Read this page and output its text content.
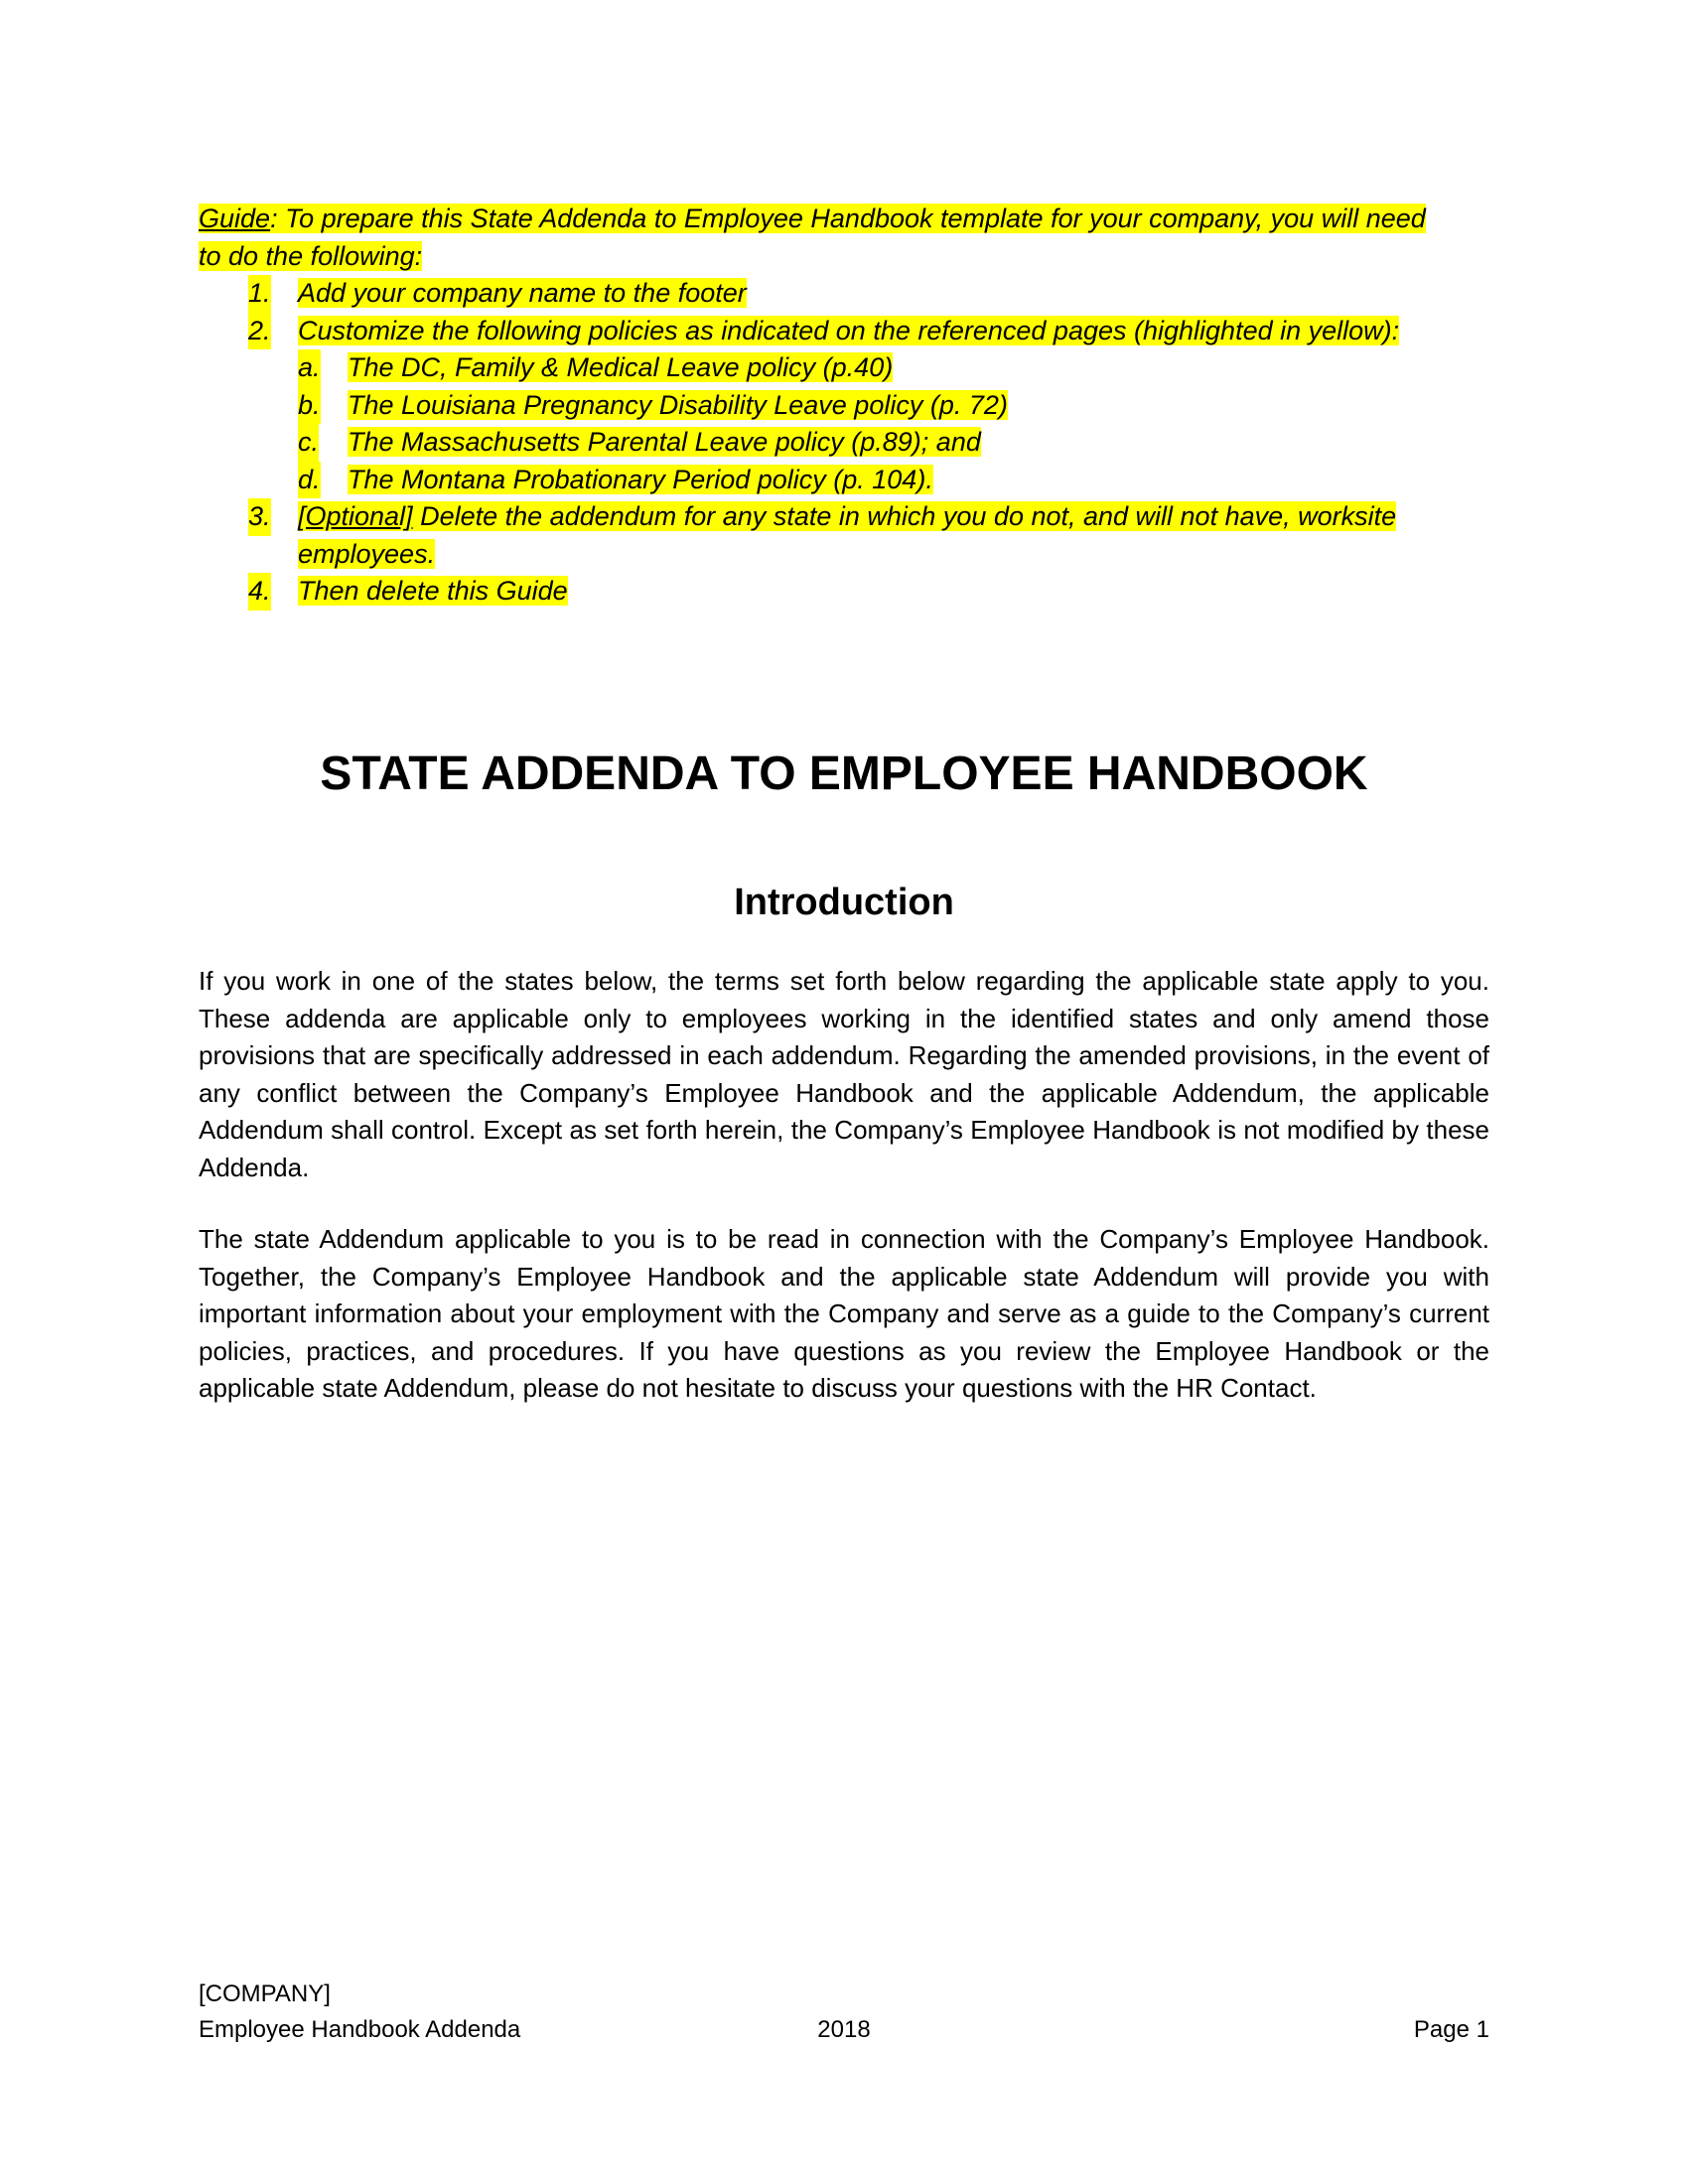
Guide: To prepare this State Addenda to Employee Handbook template for your company, you will need
to do the following:
1. Add your company name to the footer
2. Customize the following policies as indicated on the referenced pages (highlighted in yellow):
a. The DC, Family & Medical Leave policy (p.40)
b. The Louisiana Pregnancy Disability Leave policy (p. 72)
c. The Massachusetts Parental Leave policy (p.89); and
d. The Montana Probationary Period policy (p. 104).
3. [Optional] Delete the addendum for any state in which you do not, and will not have, worksite
employees.
4. Then delete this Guide
STATE ADDENDA TO EMPLOYEE HANDBOOK
Introduction

If you work in one of the states below, the terms set forth below regarding the applicable state apply to you. These addenda are applicable only to employees working in the identified states and only amend those provisions that are specifically addressed in each addendum. Regarding the amended provisions, in the event of any conflict between the Company’s Employee Handbook and the applicable Addendum, the applicable Addendum shall control. Except as set forth herein, the Company’s Employee Handbook is not modified by these Addenda.

The state Addendum applicable to you is to be read in connection with the Company’s Employee Handbook. Together, the Company’s Employee Handbook and the applicable state Addendum will provide you with important information about your employment with the Company and serve as a guide to the Company’s current policies, practices, and procedures. If you have questions as you review the Employee Handbook or the applicable state Addendum, please do not hesitate to discuss your questions with the HR Contact.

[COMPANY]
Employee Handbook Addenda	2018	Page 1
